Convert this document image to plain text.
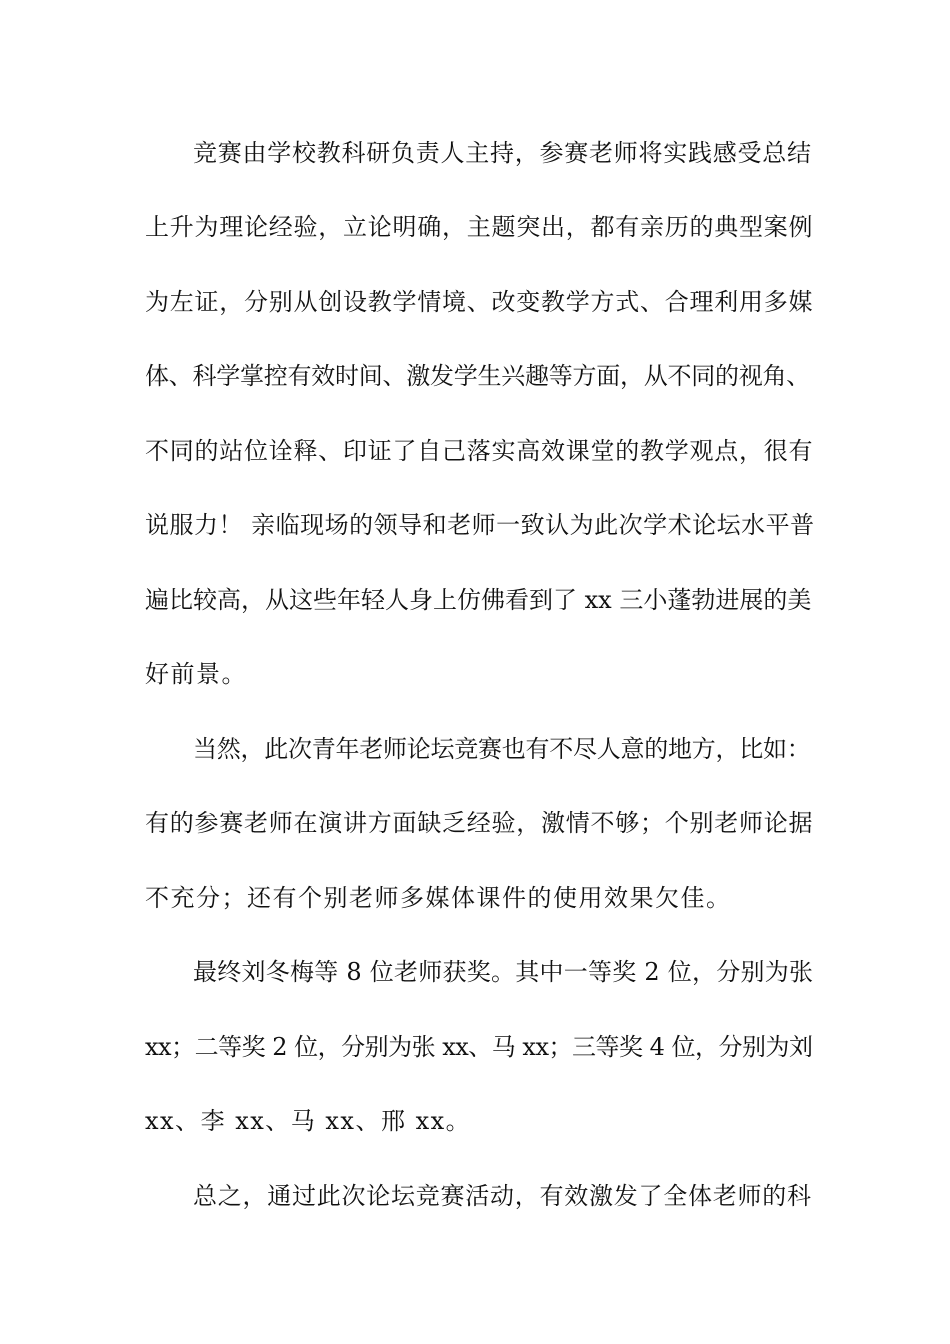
竞赛由学校教科研负责人主持，参赛老师将实践感受总结
上升为理论经验，立论明确，主题突出，都有亲历的典型案例
为左证，分别从创设教学情境、改变教学方式、合理利用多媒
体、科学掌控有效时间、激发学生兴趣等方面，从不同的视角、
不同的站位诠释、印证了自己落实高效课堂的教学观点，很有
说服力！ 亲临现场的领导和老师一致认为此次学术论坛水平普
遍比较高，从这些年轻人身上仿佛看到了 xx 三小蓬勃进展的美
好前景。
当然，此次青年老师论坛竞赛也有不尽人意的地方，比如：
有的参赛老师在演讲方面缺乏经验，激情不够；个别老师论据
不充分；还有个别老师多媒体课件的使用效果欠佳。
最终刘冬梅等 8 位老师获奖。其中一等奖 2 位，分别为张
xx；二等奖 2 位，分别为张 xx、马 xx；三等奖 4 位，分别为刘
xx、李 xx、马 xx、邢 xx。
总之，通过此次论坛竞赛活动，有效激发了全体老师的科
